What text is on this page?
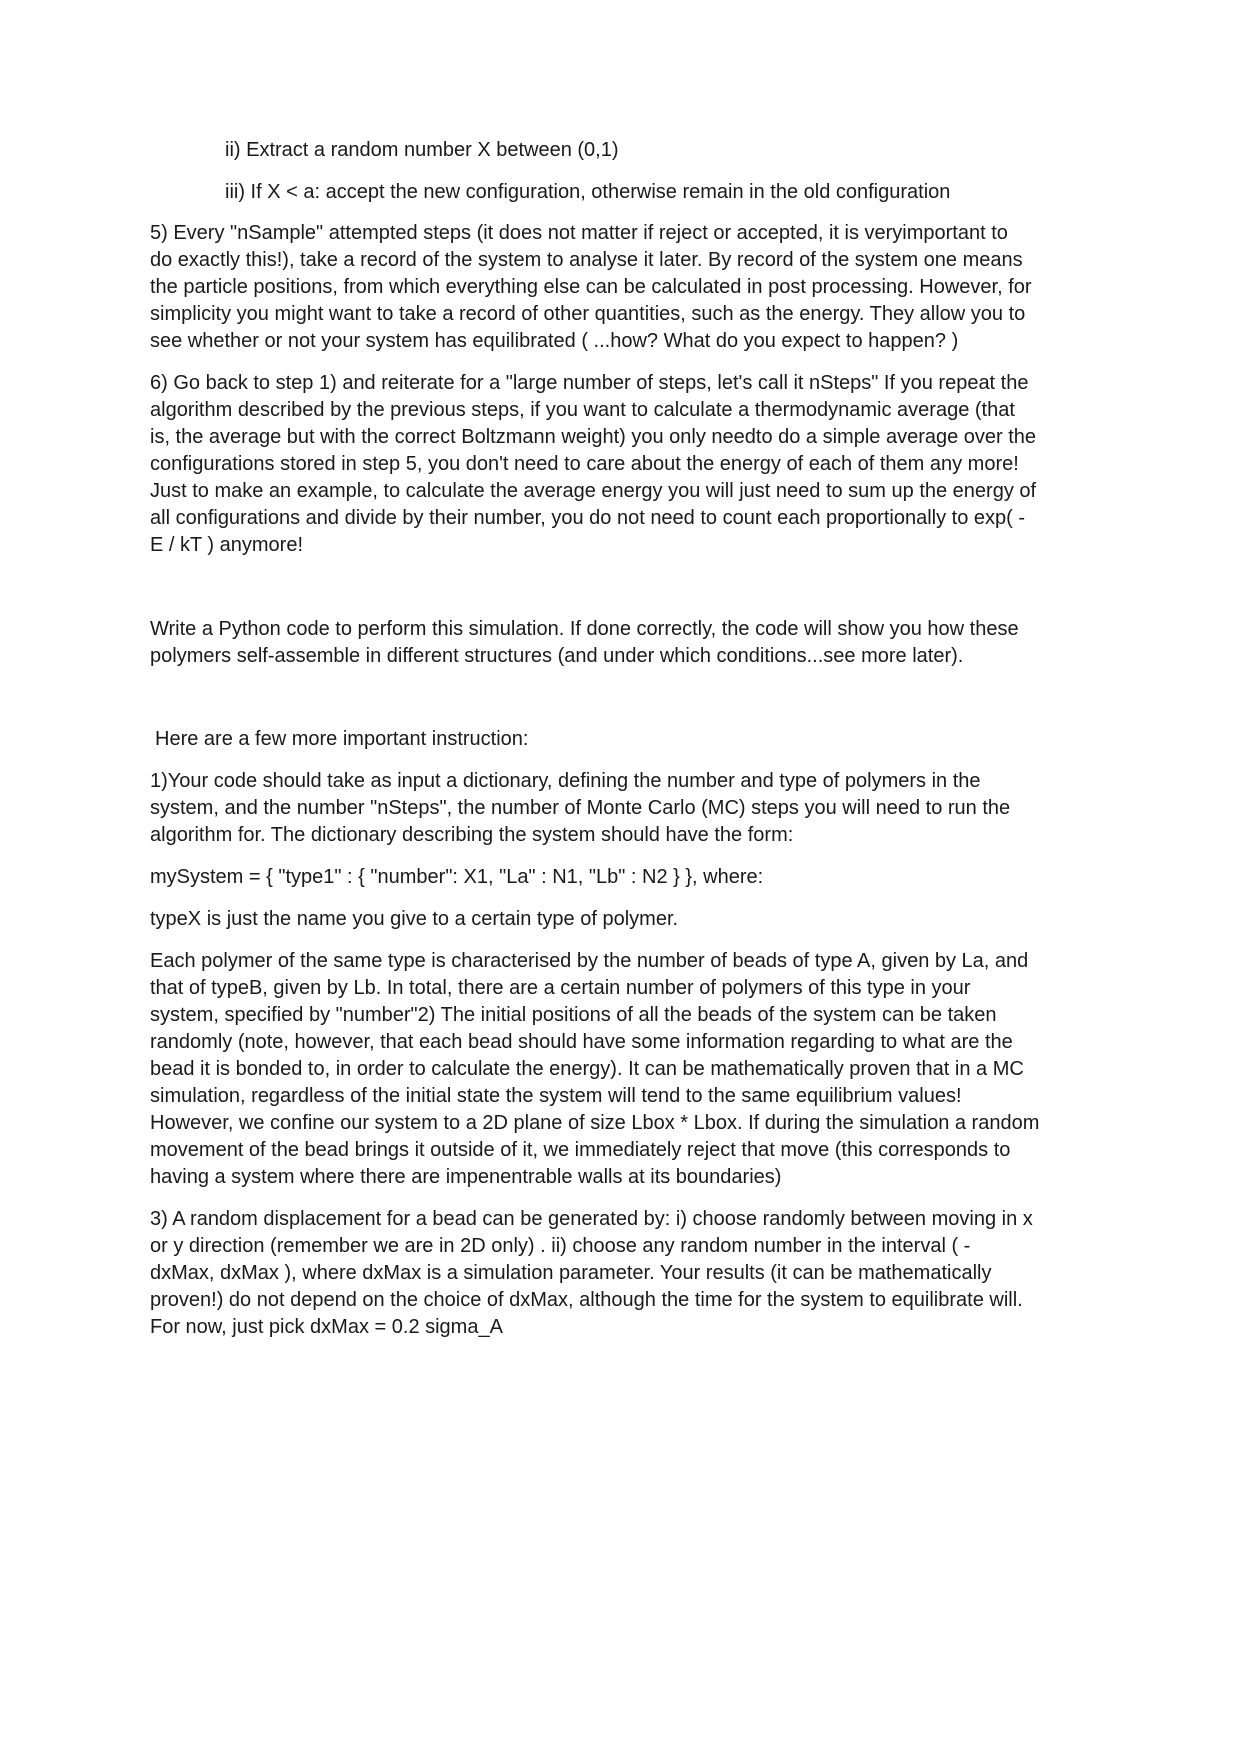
ii) Extract a random number X between (0,1)

iii) If X < a: accept the new configuration, otherwise remain in the old configuration

5) Every "nSample" attempted steps (it does not matter if reject or accepted, it is veryimportant to

do exactly this!), take a record of the system to analyse it later. By record of the system one means

the particle positions, from which everything else can be calculated in post processing. However, for

simplicity you might want to take a record of other quantities, such as the energy. They allow you to

see whether or not your system has equilibrated ( ...how? What do you expect to happen? )

6) Go back to step 1) and reiterate for a "large number of steps, let's call it nSteps" If you repeat the

algorithm described by the previous steps, if you want to calculate a thermodynamic average (that

is, the average but with the correct Boltzmann weight) you only needto do a simple average over the

configurations stored in step 5, you don't need to care about the energy of each of them any more!

Just to make an example, to calculate the average energy you will just need to sum up the energy of

all configurations and divide by their number, you do not need to count each proportionally to exp( -

E / kT ) anymore!

Write a Python code to perform this simulation. If done correctly, the code will show you how these

polymers self-assemble in different structures (and under which conditions...see more later).

Here are a few more important instruction:

1)Your code should take as input a dictionary, defining the number and type of polymers in the

system, and the number "nSteps", the number of Monte Carlo (MC) steps you will need to run the

algorithm for. The dictionary describing the system should have the form:

mySystem = { "type1" : { "number": X1, "La" : N1, "Lb" : N2 } }, where:

typeX is just the name you give to a certain type of polymer.

Each polymer of the same type is characterised by the number of beads of type A, given by La, and

that of typeB, given by Lb. In total, there are a certain number of polymers of this type in your

system, specified by "number"2) The initial positions of all the beads of the system can be taken

randomly (note, however, that each bead should have some information regarding to what are the

bead it is bonded to, in order to calculate the energy). It can be mathematically proven that in a MC

simulation, regardless of the initial state the system will tend to the same equilibrium values!

However, we confine our system to a 2D plane of size Lbox * Lbox. If during the simulation a random

movement of the bead brings it outside of it, we immediately reject that move (this corresponds to

having a system where there are impenentrable walls at its boundaries)

3) A random displacement for a bead can be generated by: i) choose randomly between moving in x

or y direction (remember we are in 2D only) . ii) choose any random number in the interval ( -

dxMax, dxMax ), where dxMax is a simulation parameter. Your results (it can be mathematically

proven!) do not depend on the choice of dxMax, although the time for the system to equilibrate will.

For now, just pick dxMax = 0.2 sigma_A
